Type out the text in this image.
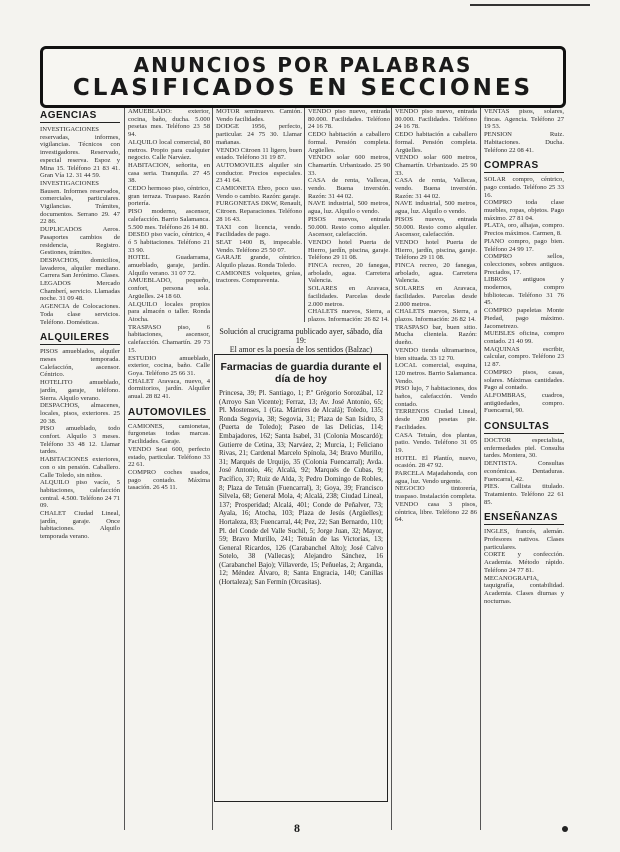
ANUNCIOS POR PALABRAS
CLASIFICADOS EN SECCIONES
AGENCIAS
INVESTIGACIONES reservadas, informes, vigilancias. Técnicos con investigadores. Reservado, especial reserva. Espoz y Mina 15. Teléfono 21 83 41. Gran Vía 12. 31 44 59.
INVESTIGACIONES Bausen. Informes reservados, comerciales, particulares. Vigilancias. Trámites, documentos. Serrano 29. 47 22 86.
DUPLICADOS Aeros. Pasaportes cambios de residencia, Registro. Gestiones, trámites.
DESPACHOS, domicilios, lavaderos, alquiler mediano. Carrera San Jerónimo. Clases.
LEGADOS Mercado Chamberí, servicio. Llamadas noche. 31 09 48.
AGENCIA de Colocaciones. Toda clase servicios. Teléfono. Domésticas.
ALQUILERES
PISOS amueblados, alquiler meses temporada. Calefacción, ascensor. Céntrico.
HOTELITO amueblado, jardín, garaje, teléfono. Sierra. Alquilo verano.
DESPACHOS, almacenes, locales, pisos, exteriores. 25 20 38.
PISO amueblado, todo confort. Alquilo 3 meses. Teléfono 33 48 12. Llamar tardes.
HABITACIONES exteriores, con o sin pensión. Caballero. Calle Toledo, sin niños.
ALQUILO piso vacío, 5 habitaciones, calefacción central. 4.500. Teléfono 24 71 09.
CHALET Ciudad Lineal, jardín, garaje. Once habitaciones. Alquilo temporada verano.
AMUEBLADO: exterior, cocina, baño, ducha. 5.000 pesetas mes. Teléfono 23 58 94.
ALQUILO local comercial, 80 metros. Propio para cualquier negocio. Calle Narváez.
HABITACION, señorita, en casa seria. Tranquila. 27 45 38.
CEDO hermoso piso, céntrico, gran terraza. Traspaso. Razón portería.
PISO moderno, ascensor, calefacción. Barrio Salamanca. 5.500 mes. Teléfono 26 14 80.
DESEO piso vacío, céntrico, 4 ó 5 habitaciones. Teléfono 21 33 90.
HOTEL Guadarrama, amueblado, garaje, jardín. Alquilo verano. 31 07 72.
AMUEBLADO, pequeño, confort, persona sola. Argüelles. 24 18 60.
ALQUILO locales propios para almacén o taller. Ronda Atocha.
TRASPASO piso, 6 habitaciones, ascensor, calefacción. Chamartín. 29 73 15.
ESTUDIO amueblado, exterior, cocina, baño. Calle Goya. Teléfono 25 66 31.
CHALET Aravaca, nuevo, 4 dormitorios, jardín. Alquiler anual. 28 82 41.
AUTOMOVILES
CAMIONES, camionetas, furgonetas todas marcas. Facilidades. Garaje.
VENDO Seat 600, perfecto estado, particular. Teléfono 33 22 61.
COMPRO coches usados, pago contado. Máxima tasación. 26 45 11.
MOTOR seminuevo. Camión. Vendo facilidades.
DODGE 1956, perfecto, particular. 24 75 30. Llamar mañanas.
VENDO Citroen 11 ligero, buen estado. Teléfono 31 19 87.
AUTOMOVILES alquiler sin conductor. Precios especiales. 23 41 64.
CAMIONETA Ebro, poco uso. Vendo o cambio. Razón: garaje.
FURGONETAS DKW, Renault, Citroen. Reparaciones. Teléfono 28 16 43.
TAXI con licencia, vendo. Facilidades de pago.
SEAT 1400 B, impecable. Vendo. Teléfono 25 50 07.
GARAJE grande, céntrico. Alquilo plazas. Ronda Toledo.
CAMIONES volquetes, grúas, tractores. Compraventa.
VENDO piso nuevo, entrada 80.000. Facilidades. Teléfono 24 16 78.
CEDO habitación a caballero formal. Pensión completa. Argüelles.
VENDO solar 600 metros, Chamartín. Urbanizado. 25 90 33.
CASA de renta, Vallecas, vendo. Buena inversión. Razón: 31 44 02.
NAVE industrial, 500 metros, agua, luz. Alquilo o vendo.
PISOS nuevos, entrada 50.000. Resto como alquiler. Ascensor, calefacción.
VENDO hotel Puerta de Hierro, jardín, piscina, garaje. Teléfono 29 11 08.
FINCA recreo, 20 fanegas, arbolado, agua. Carretera Valencia.
SOLARES en Aravaca, facilidades. Parcelas desde 2.000 metros.
CHALETS nuevos, Sierra, a plazos. Información: 26 82 14.

Solución al crucigrama publicado ayer, sábado, día 19:
El amor es la poesía de los sentidos (Balzac)
Farmacias de guardia durante el día de hoy
Princesa, 39; Pl. Santiago, 1; P.º Grégorio Sorozábal, 12 (Arroyo San Vicente); Ferraz, 13; Av. José Antonio, 65; Pl. Mostenses, 1 (Gta. Mártires de Alcalá); Toledo, 135; Ronda Segovia, 38; Segovia, 31; Plaza de San Isidro, 3 (Puerta de Toledo); Paseo de las Delicias, 114; Embajadores, 162; Santa Isabel, 31 (Colonia Moscardó); Gutierre de Cetina, 33; Narváez, 2; Murcia, 1; Feliciano Rivas, 21; Cardenal Marcelo Spínola, 34; Bravo Murillo, 31; Marqués de Urquijo, 35 (Colonia Fuencarral); Avda. José Antonio, 46; Alcalá, 92; Marqués de Cubas, 9; Pacífico, 37; Ruiz de Alda, 3; Pedro Domingo de Robles, 8; Plaza de Tetuán (Fuencarral), 3; Goya, 39; Francisco Silvela, 68; General Mola, 4; Alcalá, 238; Ciudad Lineal, 137; Prosperidad; Alcalá, 401; Conde de Peñalver, 73; Ayala, 16; Atocha, 103; Plaza de Jesús (Argüelles); Hortaleza, 83; Fuencarral, 44; Pez, 22; San Bernardo, 110; Pl. del Conde del Valle Suchil, 5; Jorge Juan, 32; Mayor, 59; Bravo Murillo, 241; Tetuán de las Victorias, 13; General Ricardos, 126 (Carabanchel Alto); José Calvo Sotelo, 38 (Vallecas); Alejandro Sánchez, 16 (Carabanchel Bajo); Villaverde, 15; Peñuelas, 2; Arganda, 12; Méndez Álvaro, 8; Santa Engracia, 140; Canillas (Hortaleza); San Fermín (Orcasitas).
VENDO piso nuevo, entrada 80.000. Facilidades. Teléfono 24 16 78.
CEDO habitación a caballero formal. Pensión completa. Argüelles.
VENDO solar 600 metros, Chamartín. Urbanizado. 25 90 33.
CASA de renta, Vallecas, vendo. Buena inversión. Razón: 31 44 02.
NAVE industrial, 500 metros, agua, luz. Alquilo o vendo.
PISOS nuevos, entrada 50.000. Resto como alquiler. Ascensor, calefacción.
VENDO hotel Puerta de Hierro, jardín, piscina, garaje. Teléfono 29 11 08.
FINCA recreo, 20 fanegas, arbolado, agua. Carretera Valencia.
SOLARES en Aravaca, facilidades. Parcelas desde 2.000 metros.
CHALETS nuevos, Sierra, a plazos. Información: 26 82 14.
TRASPASO bar, buen sitio. Mucha clientela. Razón: dueño.
VENDO tienda ultramarinos, bien situada. 33 12 70.
LOCAL comercial, esquina, 120 metros. Barrio Salamanca. Vendo.
PISO lujo, 7 habitaciones, dos baños, calefacción. Vendo contado.
TERRENOS Ciudad Lineal, desde 200 pesetas pie. Facilidades.
CASA Tetuán, dos plantas, patio. Vendo. Teléfono 31 05 19.
HOTEL El Plantío, nuevo, ocasión. 28 47 92.
PARCELA Majadahonda, con agua, luz. Vendo urgente.
NEGOCIO tintorería, traspaso. Instalación completa.
VENDO casa 3 pisos, céntrica, libre. Teléfono 22 86 64.
VENTAS pisos, solares, fincas. Agencia. Teléfono 27 19 53.
PENSION Ruiz. Habitaciones. Ducha. Teléfono 22 08 41.
COMPRAS
SOLAR compro, céntrico, pago contado. Teléfono 25 33 16.
COMPRO toda clase muebles, ropas, objetos. Pago máximo. 27 81 04.
PLATA, oro, alhajas, compro. Precios máximos. Carmen, 8.
PIANO compro, pago bien. Teléfono 24 99 17.
COMPRO sellos, colecciones, sobres antiguos. Preciados, 17.
LIBROS antiguos y modernos, compro bibliotecas. Teléfono 31 76 45.
COMPRO papeletas Monte Piedad, pago máximo. Jacometrezo.
MUEBLES oficina, compro contado. 21 40 99.
MAQUINAS escribir, calcular, compro. Teléfono 23 12 87.
COMPRO pisos, casas, solares. Máximas cantidades. Pago al contado.
ALFOMBRAS, cuadros, antigüedades, compro. Fuencarral, 90.
CONSULTAS
DOCTOR especialista, enfermedades piel. Consulta tardes. Montera, 30.
DENTISTA. Consultas económicas. Dentaduras. Fuencarral, 42.
PIES. Callista titulado. Tratamiento. Teléfono 22 61 85.
ENSEÑANZAS
INGLES, francés, alemán. Profesores nativos. Clases particulares.
CORTE y confección. Academia. Método rápido. Teléfono 24 77 81.
MECANOGRAFIA, taquigrafía, contabilidad. Academia. Clases diurnas y nocturnas.
8
